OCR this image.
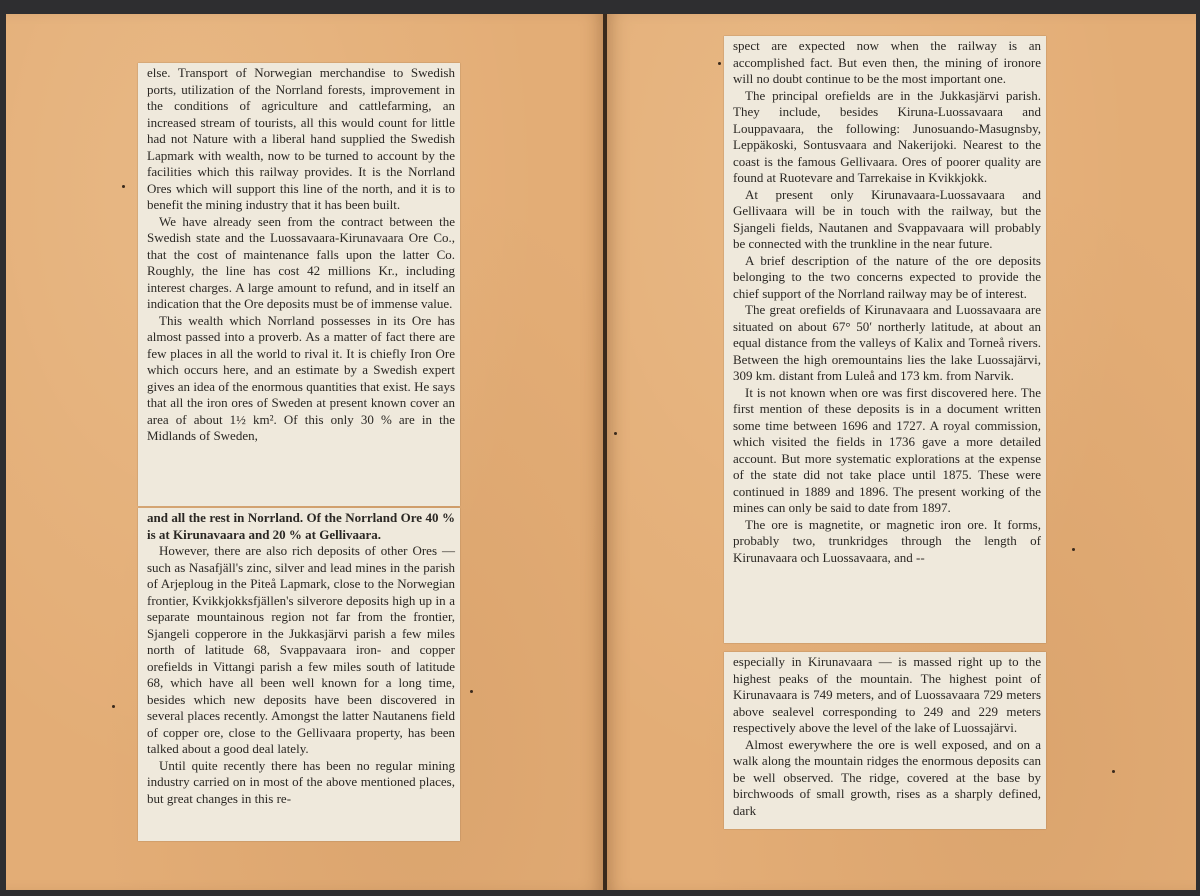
else. Transport of Norwegian merchandise to Swedish ports, utilization of the Norrland forests, improvement in the conditions of agriculture and cattlefarming, an increased stream of tourists, all this would count for little had not Nature with a liberal hand supplied the Swedish Lapmark with wealth, now to be turned to account by the facilities which this railway provides. It is the Norrland Ores which will support this line of the north, and it is to benefit the mining industry that it has been built.

We have already seen from the contract between the Swedish state and the Luossavaara-Kirunavaara Ore Co., that the cost of maintenance falls upon the latter Co. Roughly, the line has cost 42 millions Kr., including interest charges. A large amount to refund, and in itself an indication that the Ore deposits must be of immense value.

This wealth which Norrland possesses in its Ore has almost passed into a proverb. As a matter of fact there are few places in all the world to rival it. It is chiefly Iron Ore which occurs here, and an estimate by a Swedish expert gives an idea of the enormous quantities that exist. He says that all the iron ores of Sweden at present known cover an area of about 1½ km². Of this only 30 % are in the Midlands of Sweden,

and all the rest in Norrland. Of the Norrland Ore 40 % is at Kirunavaara and 20 % at Gellivaara.

However, there are also rich deposits of other Ores — such as Nasafjäll's zinc, silver and lead mines in the parish of Arjeploug in the Piteå Lapmark, close to the Norwegian frontier, Kvikkjokksfjällen's silverore deposits high up in a separate mountainous region not far from the frontier, Sjangeli copperore in the Jukkasjärvi parish a few miles north of latitude 68, Svappavaara iron- and copper orefields in Vittangi parish a few miles south of latitude 68, which have all been well known for a long time, besides which new deposits have been discovered in several places recently. Amongst the latter Nautanens field of copper ore, close to the Gellivaara property, has been talked about a good deal lately.

Until quite recently there has been no regular mining industry carried on in most of the above mentioned places, but great changes in this re-

spect are expected now when the railway is an accomplished fact. But even then, the mining of ironore will no doubt continue to be the most important one.

The principal orefields are in the Jukkasjärvi parish. They include, besides Kiruna-Luossavaara and Louppavaara, the following: Junosuando-Masugnsby, Leppäkoski, Sontusvaara and Nakerijoki. Nearest to the coast is the famous Gellivaara. Ores of poorer quality are found at Ruotevare and Tarrekaise in Kvikkjokk.

At present only Kirunavaara-Luossavaara and Gellivaara will be in touch with the railway, but the Sjangeli fields, Nautanen and Svappavaara will probably be connected with the trunkline in the near future.

A brief description of the nature of the ore deposits belonging to the two concerns expected to provide the chief support of the Norrland railway may be of interest.

The great orefields of Kirunavaara and Luossavaara are situated on about 67° 50′ northerly latitude, at about an equal distance from the valleys of Kalix and Torneå rivers. Between the high oremountains lies the lake Luossajärvi, 309 km. distant from Luleå and 173 km. from Narvik.

It is not known when ore was first discovered here. The first mention of these deposits is in a document written some time between 1696 and 1727. A royal commission, which visited the fields in 1736 gave a more detailed account. But more systematic explorations at the expense of the state did not take place until 1875. These were continued in 1889 and 1896. The present working of the mines can only be said to date from 1897.

The ore is magnetite, or magnetic iron ore. It forms, probably two, trunkridges through the length of Kirunavaara och Luossavaara, and --

especially in Kirunavaara — is massed right up to the highest peaks of the mountain. The highest point of Kirunavaara is 749 meters, and of Luossavaara 729 meters above sealevel corresponding to 249 and 229 meters respectively above the level of the lake of Luossajärvi.

Almost ewerywhere the ore is well exposed, and on a walk along the mountain ridges the enormous deposits can be well observed. The ridge, covered at the base by birchwoods of small growth, rises as a sharply defined, dark
